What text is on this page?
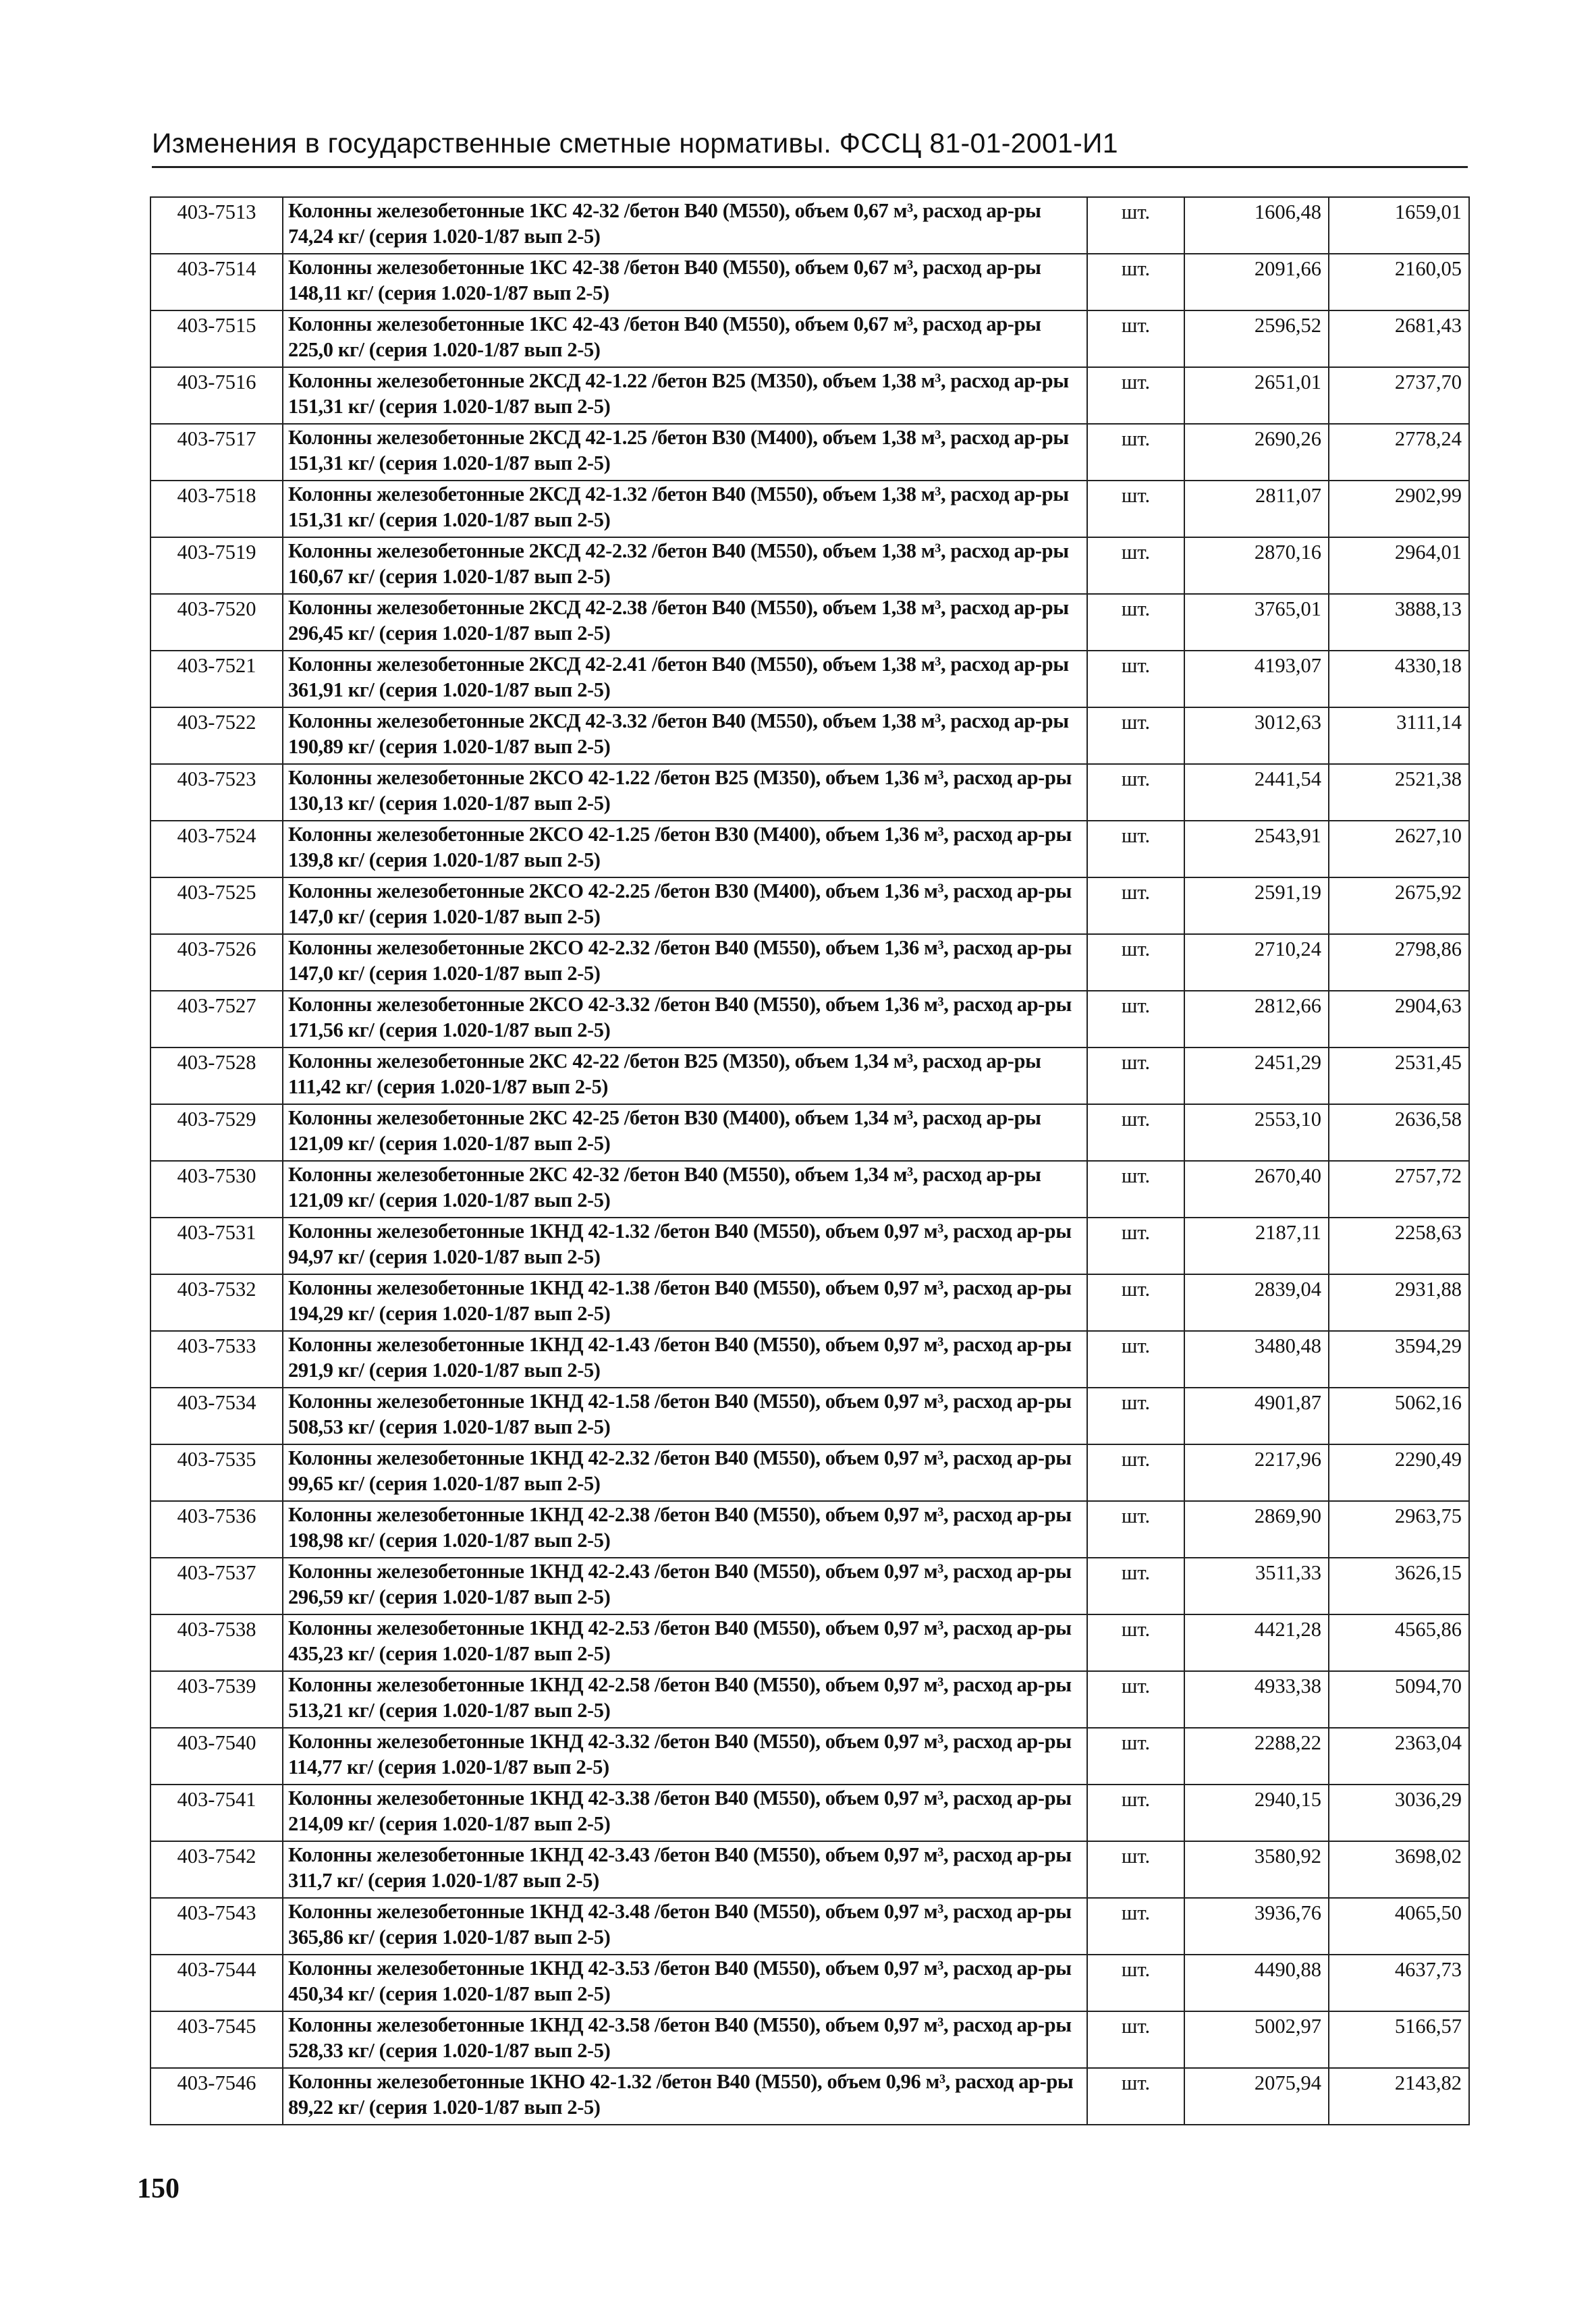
Изменения в государственные сметные нормативы. ФССЦ 81-01-2001-И1
403-7513	Колонны железобетонные 1КС 42-32 /бетон В40 (М550), объем 0,67 м³, расход ар-ры 74,24 кг/ (серия 1.020-1/87 вып 2-5)	шт.	1606,48	1659,01
403-7514	Колонны железобетонные 1КС 42-38 /бетон В40 (М550), объем 0,67 м³, расход ар-ры 148,11 кг/ (серия 1.020-1/87 вып 2-5)	шт.	2091,66	2160,05
403-7515	Колонны железобетонные 1КС 42-43 /бетон В40 (М550), объем 0,67 м³, расход ар-ры 225,0 кг/ (серия 1.020-1/87 вып 2-5)	шт.	2596,52	2681,43
403-7516	Колонны железобетонные 2КСД 42-1.22 /бетон В25 (М350), объем 1,38 м³, расход ар-ры 151,31 кг/ (серия 1.020-1/87 вып 2-5)	шт.	2651,01	2737,70
403-7517	Колонны железобетонные 2КСД 42-1.25 /бетон В30 (М400), объем 1,38 м³, расход ар-ры 151,31 кг/ (серия 1.020-1/87 вып 2-5)	шт.	2690,26	2778,24
403-7518	Колонны железобетонные 2КСД 42-1.32 /бетон В40 (М550), объем 1,38 м³, расход ар-ры 151,31 кг/ (серия 1.020-1/87 вып 2-5)	шт.	2811,07	2902,99
403-7519	Колонны железобетонные 2КСД 42-2.32 /бетон В40 (М550), объем 1,38 м³, расход ар-ры 160,67 кг/ (серия 1.020-1/87 вып 2-5)	шт.	2870,16	2964,01
403-7520	Колонны железобетонные 2КСД 42-2.38 /бетон В40 (М550), объем 1,38 м³, расход ар-ры 296,45 кг/ (серия 1.020-1/87 вып 2-5)	шт.	3765,01	3888,13
403-7521	Колонны железобетонные 2КСД 42-2.41 /бетон В40 (М550), объем 1,38 м³, расход ар-ры 361,91 кг/ (серия 1.020-1/87 вып 2-5)	шт.	4193,07	4330,18
403-7522	Колонны железобетонные 2КСД 42-3.32 /бетон В40 (М550), объем 1,38 м³, расход ар-ры 190,89 кг/ (серия 1.020-1/87 вып 2-5)	шт.	3012,63	3111,14
403-7523	Колонны железобетонные 2КСО 42-1.22 /бетон В25 (М350), объем 1,36 м³, расход ар-ры 130,13 кг/ (серия 1.020-1/87 вып 2-5)	шт.	2441,54	2521,38
403-7524	Колонны железобетонные 2КСО 42-1.25 /бетон В30 (М400), объем 1,36 м³, расход ар-ры 139,8 кг/ (серия 1.020-1/87 вып 2-5)	шт.	2543,91	2627,10
403-7525	Колонны железобетонные 2КСО 42-2.25 /бетон В30 (М400), объем 1,36 м³, расход ар-ры 147,0 кг/ (серия 1.020-1/87 вып 2-5)	шт.	2591,19	2675,92
403-7526	Колонны железобетонные 2КСО 42-2.32 /бетон В40 (М550), объем 1,36 м³, расход ар-ры 147,0 кг/ (серия 1.020-1/87 вып 2-5)	шт.	2710,24	2798,86
403-7527	Колонны железобетонные 2КСО 42-3.32 /бетон В40 (М550), объем 1,36 м³, расход ар-ры 171,56 кг/ (серия 1.020-1/87 вып 2-5)	шт.	2812,66	2904,63
403-7528	Колонны железобетонные 2КС 42-22 /бетон В25 (М350), объем 1,34 м³, расход ар-ры 111,42 кг/ (серия 1.020-1/87 вып 2-5)	шт.	2451,29	2531,45
403-7529	Колонны железобетонные 2КС 42-25 /бетон В30 (М400), объем 1,34 м³, расход ар-ры 121,09 кг/ (серия 1.020-1/87 вып 2-5)	шт.	2553,10	2636,58
403-7530	Колонны железобетонные 2КС 42-32 /бетон В40 (М550), объем 1,34 м³, расход ар-ры 121,09 кг/ (серия 1.020-1/87 вып 2-5)	шт.	2670,40	2757,72
403-7531	Колонны железобетонные 1КНД 42-1.32 /бетон В40 (М550), объем 0,97 м³, расход ар-ры 94,97 кг/ (серия 1.020-1/87 вып 2-5)	шт.	2187,11	2258,63
403-7532	Колонны железобетонные 1КНД 42-1.38 /бетон В40 (М550), объем 0,97 м³, расход ар-ры 194,29 кг/ (серия 1.020-1/87 вып 2-5)	шт.	2839,04	2931,88
403-7533	Колонны железобетонные 1КНД 42-1.43 /бетон В40 (М550), объем 0,97 м³, расход ар-ры 291,9 кг/ (серия 1.020-1/87 вып 2-5)	шт.	3480,48	3594,29
403-7534	Колонны железобетонные 1КНД 42-1.58 /бетон В40 (М550), объем 0,97 м³, расход ар-ры 508,53 кг/ (серия 1.020-1/87 вып 2-5)	шт.	4901,87	5062,16
403-7535	Колонны железобетонные 1КНД 42-2.32 /бетон В40 (М550), объем 0,97 м³, расход ар-ры 99,65 кг/ (серия 1.020-1/87 вып 2-5)	шт.	2217,96	2290,49
403-7536	Колонны железобетонные 1КНД 42-2.38 /бетон В40 (М550), объем 0,97 м³, расход ар-ры 198,98 кг/ (серия 1.020-1/87 вып 2-5)	шт.	2869,90	2963,75
403-7537	Колонны железобетонные 1КНД 42-2.43 /бетон В40 (М550), объем 0,97 м³, расход ар-ры 296,59 кг/ (серия 1.020-1/87 вып 2-5)	шт.	3511,33	3626,15
403-7538	Колонны железобетонные 1КНД 42-2.53 /бетон В40 (М550), объем 0,97 м³, расход ар-ры 435,23 кг/ (серия 1.020-1/87 вып 2-5)	шт.	4421,28	4565,86
403-7539	Колонны железобетонные 1КНД 42-2.58 /бетон В40 (М550), объем 0,97 м³, расход ар-ры 513,21 кг/ (серия 1.020-1/87 вып 2-5)	шт.	4933,38	5094,70
403-7540	Колонны железобетонные 1КНД 42-3.32 /бетон В40 (М550), объем 0,97 м³, расход ар-ры 114,77 кг/ (серия 1.020-1/87 вып 2-5)	шт.	2288,22	2363,04
403-7541	Колонны железобетонные 1КНД 42-3.38 /бетон В40 (М550), объем 0,97 м³, расход ар-ры 214,09 кг/ (серия 1.020-1/87 вып 2-5)	шт.	2940,15	3036,29
403-7542	Колонны железобетонные 1КНД 42-3.43 /бетон В40 (М550), объем 0,97 м³, расход ар-ры 311,7 кг/ (серия 1.020-1/87 вып 2-5)	шт.	3580,92	3698,02
403-7543	Колонны железобетонные 1КНД 42-3.48 /бетон В40 (М550), объем 0,97 м³, расход ар-ры 365,86 кг/ (серия 1.020-1/87 вып 2-5)	шт.	3936,76	4065,50
403-7544	Колонны железобетонные 1КНД 42-3.53 /бетон В40 (М550), объем 0,97 м³, расход ар-ры 450,34 кг/ (серия 1.020-1/87 вып 2-5)	шт.	4490,88	4637,73
403-7545	Колонны железобетонные 1КНД 42-3.58 /бетон В40 (М550), объем 0,97 м³, расход ар-ры 528,33 кг/ (серия 1.020-1/87 вып 2-5)	шт.	5002,97	5166,57
403-7546	Колонны железобетонные 1КНО 42-1.32 /бетон В40 (М550), объем 0,96 м³, расход ар-ры 89,22 кг/ (серия 1.020-1/87 вып 2-5)	шт.	2075,94	2143,82
150
